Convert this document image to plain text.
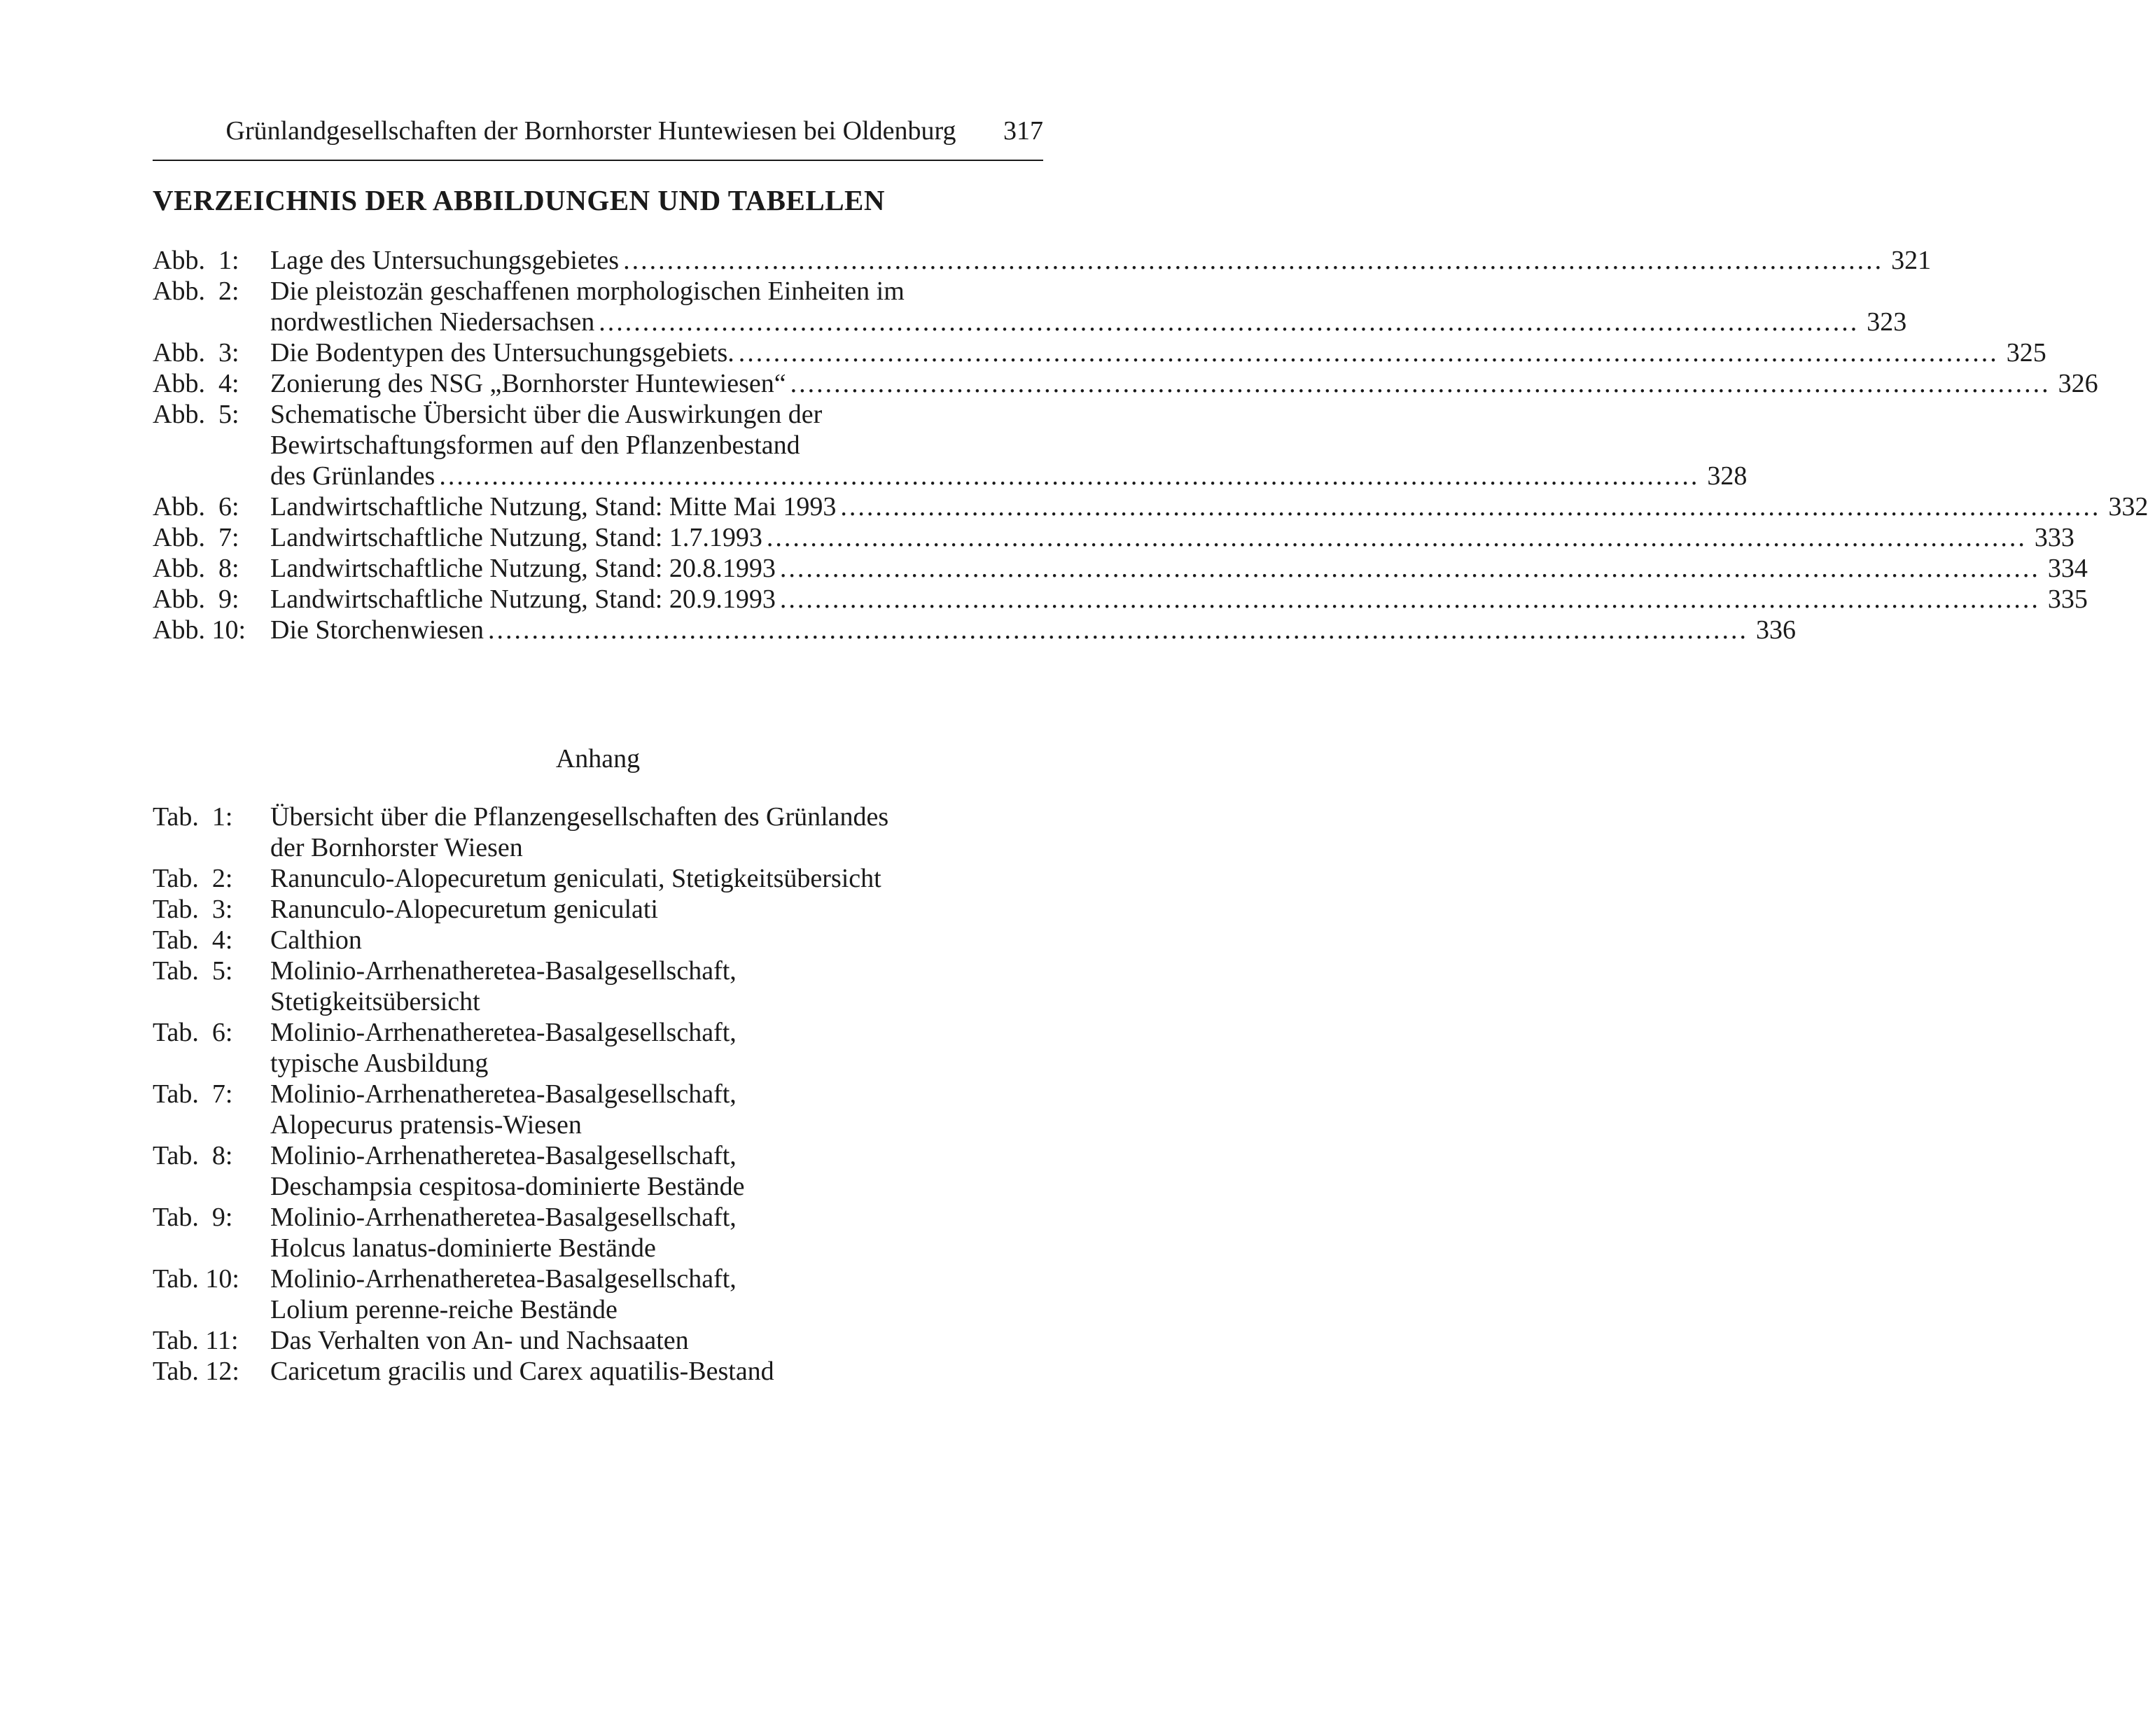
Grünlandgesellschaften der Bornhorster Huntewiesen bei Oldenburg	317
VERZEICHNIS DER ABBILDUNGEN UND TABELLEN
Abb.  1:	Lage des Untersuchungsgebietes .....	321
Abb.  2:	Die pleistozän geschaffenen morphologischen Einheiten im
nordwestlichen Niedersachsen .....	323
Abb.  3:	Die Bodentypen des Untersuchungsgebiets. .....	325
Abb.  4:	Zonierung des NSG „Bornhorster Huntewiesen“ .....	326
Abb.  5:	Schematische Übersicht über die Auswirkungen der
Bewirtschaftungsformen auf den Pflanzenbestand
des Grünlandes .....	328
Abb.  6:	Landwirtschaftliche Nutzung, Stand: Mitte Mai 1993 .....	332
Abb.  7:	Landwirtschaftliche Nutzung, Stand: 1.7.1993 .....	333
Abb.  8:	Landwirtschaftliche Nutzung, Stand: 20.8.1993 .....	334
Abb.  9:	Landwirtschaftliche Nutzung, Stand: 20.9.1993 .....	335
Abb. 10: Die Storchenwiesen .....	336
Anhang
Tab.  1:	Übersicht über die Pflanzengesellschaften des Grünlandes
der Bornhorster Wiesen
Tab.  2:	Ranunculo-Alopecuretum geniculati, Stetigkeitsübersicht
Tab.  3:	Ranunculo-Alopecuretum geniculati
Tab.  4:	Calthion
Tab.  5:	Molinio-Arrhenatheretea-Basalgesellschaft,
Stetigkeitsübersicht
Tab.  6:	Molinio-Arrhenatheretea-Basalgesellschaft,
typische Ausbildung
Tab.  7:	Molinio-Arrhenatheretea-Basalgesellschaft,
Alopecurus pratensis-Wiesen
Tab.  8:	Molinio-Arrhenatheretea-Basalgesellschaft,
Deschampsia cespitosa-dominierte Bestände
Tab.  9:	Molinio-Arrhenatheretea-Basalgesellschaft,
Holcus lanatus-dominierte Bestände
Tab. 10:	Molinio-Arrhenatheretea-Basalgesellschaft,
Lolium perenne-reiche Bestände
Tab. 11:	Das Verhalten von An- und Nachsaaten
Tab. 12:	Caricetum gracilis und Carex aquatilis-Bestand
